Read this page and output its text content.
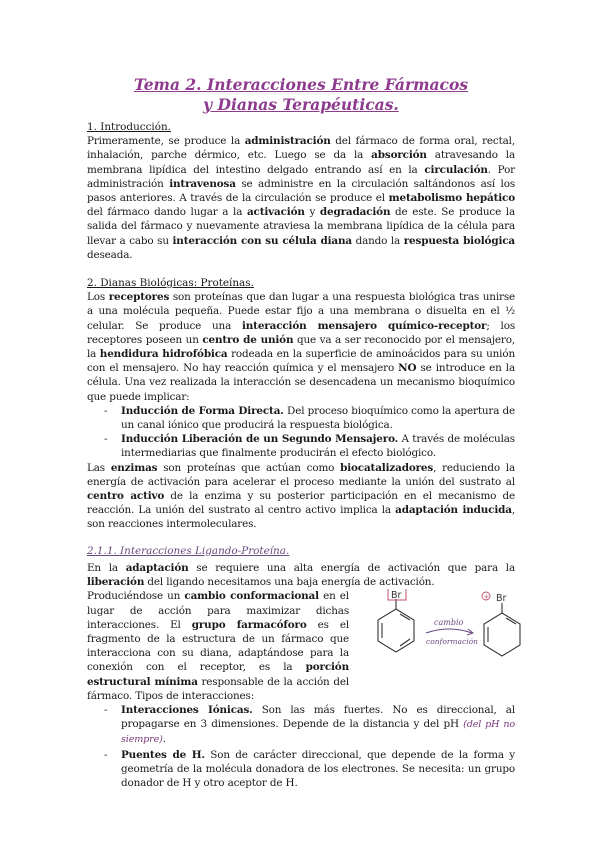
Tema 2. Interacciones Entre Fármacos
y Dianas Terapéuticas.

1. Introducción.

Primeramente, se produce la administración del fármaco de forma oral, rectal, inhalación, parche dérmico, etc. Luego se da la absorción atravesando la membrana lipídica del intestino delgado entrando así en la circulación. Por administración intravenosa se administre en la circulación saltándonos así los pasos anteriores. A través de la circulación se produce el metabolismo hepático del fármaco dando lugar a la activación y degradación de este. Se produce la salida del fármaco y nuevamente atraviesa la membrana lipídica de la célula para llevar a cabo su interacción con su célula diana dando la respuesta biológica deseada.

2. Dianas Biológicas: Proteínas.

Los receptores son proteínas que dan lugar a una respuesta biológica tras unirse a una molécula pequeña. Puede estar fijo a una membrana o disuelta en el ½ celular. Se produce una interacción mensajero químico-receptor; los receptores poseen un centro de unión que va a ser reconocido por el mensajero, la hendidura hidrofóbica rodeada en la superficie de aminoácidos para su unión con el mensajero. No hay reacción química y el mensajero NO se introduce en la célula. Una vez realizada la interacción se desencadena un mecanismo bioquímico que puede implicar:

- Inducción de Forma Directa. Del proceso bioquímico como la apertura de un canal iónico que producirá la respuesta biológica.
- Inducción Liberación de un Segundo Mensajero. A través de moléculas intermediarias que finalmente producirán el efecto biológico.

Las enzimas son proteínas que actúan como biocatalizadores, reduciendo la energía de activación para acelerar el proceso mediante la unión del sustrato al centro activo de la enzima y su posterior participación en el mecanismo de reacción. La unión del sustrato al centro activo implica la adaptación inducida, son reacciones intermoleculares.

2.1.1. Interacciones Ligando-Proteína.

En la adaptación se requiere una alta energía de activación que para la liberación del ligando necesitamos una baja energía de activación.

Br
cambio
conformación
+ Br

Produciéndose un cambio conformacional en el lugar de acción para maximizar dichas interacciones. El grupo farmacóforo es el fragmento de la estructura de un fármaco que interacciona con su diana, adaptándose para la conexión con el receptor, es la porción estructural mínima responsable de la acción del fármaco. Tipos de interacciones:

- Interacciones Iónicas. Son las más fuertes. No es direccional, al propagarse en 3 dimensiones. Depende de la distancia y del pH (del pH no siempre).
- Puentes de H. Son de carácter direccional, que depende de la forma y geometría de la molécula donadora de los electrones. Se necesita: un grupo donador de H y otro aceptor de H.
